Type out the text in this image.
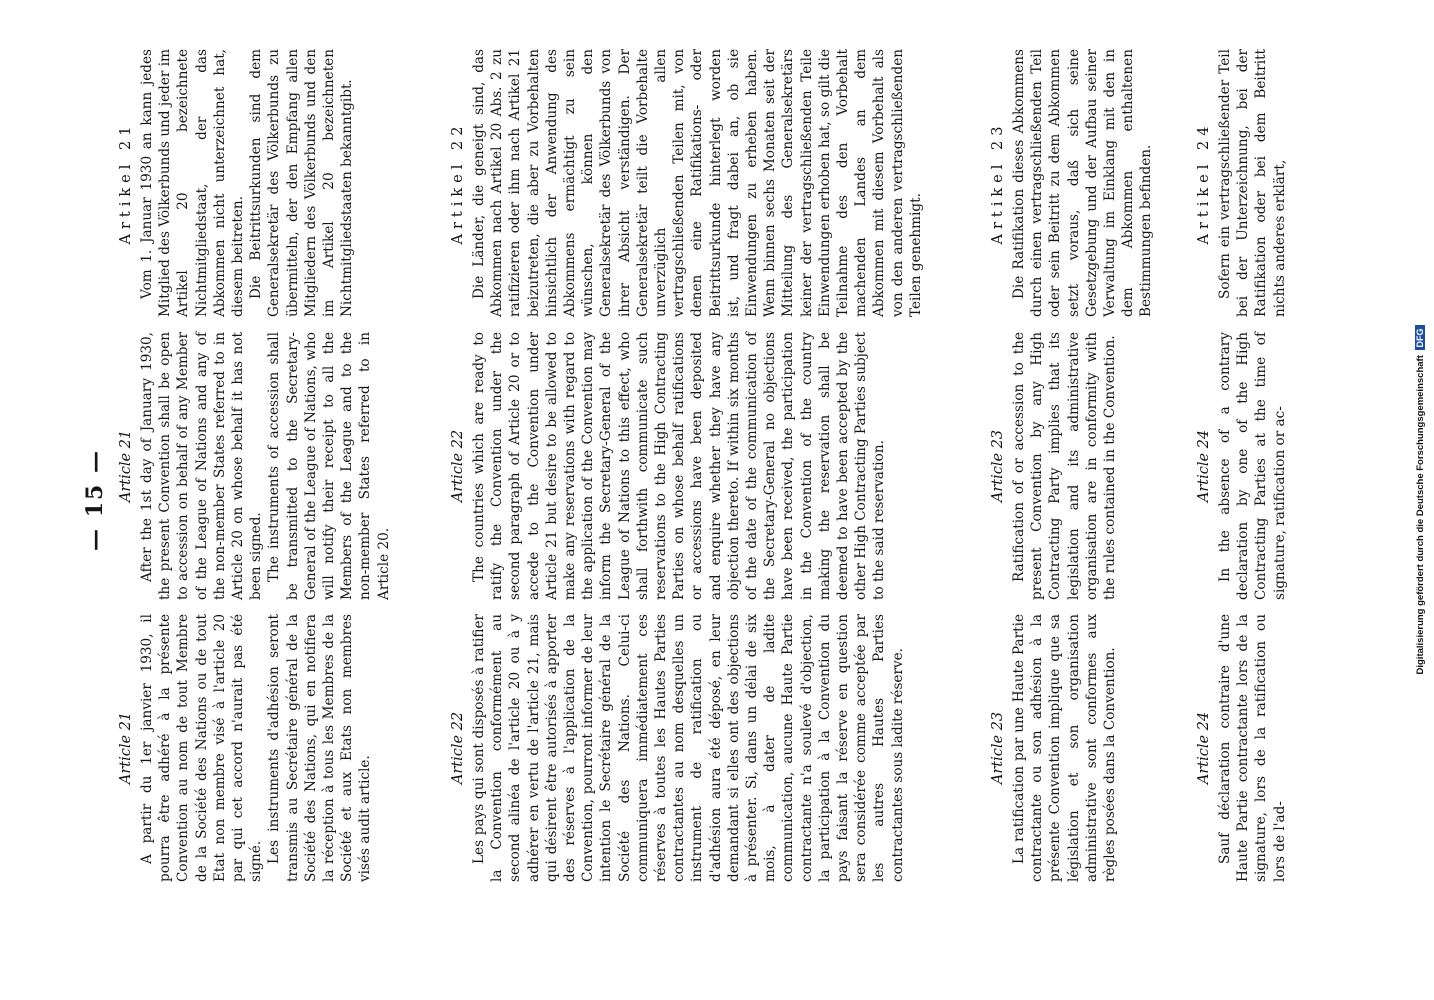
— 15 —
Article 21 A partir du 1er janvier 1930, il pourra être adhéré à la présente Convention au nom de tout Membre de la Société des Nations ou de tout Etat non membre visé à l'article 20 par qui cet accord n'aurait pas été signé. Les instruments d'adhésion seront transmis au Secrétaire général de la Société des Nations, qui en notifiera la réception à tous les Membres de la Société et aux Etats non membres visés audit article.

Article 22 Les pays qui sont disposés à ratifier la Convention conformément au second alinéa de l'article 20 ou à y adhérer en vertu de l'article 21, mais qui désirent être autorisés à apporter des réserves à l'application de la Convention, pourront informer de leur intention le Secrétaire général de la Société des Nations. Celui-ci communiquera immédiatement ces réserves à toutes les Hautes Parties contractantes au nom desquelles un instrument de ratification ou d'adhésion aura été déposé, en leur demandant si elles ont des objections à présenter. Si, dans un délai de six mois, à dater de ladite communication, aucune Haute Partie contractante n'a soulevé d'objection, la participation à la Convention du pays faisant la réserve en question sera considérée comme acceptée par les autres Hautes Parties contractantes sous ladite réserve.	Article 23 La ratification par une Haute Partie contractante ou son adhésion à la présente Convention implique que sa législation et son organisation administrative sont conformes aux règles posées dans la Convention.	Article 24 Sauf déclaration contraire d'une Haute Partie contractante lors de la signature, lors de la ratification ou lors de l'ad-

Article 21 After the 1st day of January 1930, the present Convention shall be open to accession on behalf of any Member of the League of Nations and any of the non-member States referred to in Article 20 on whose behalf it has not been signed. The instruments of accession shall be transmitted to the Secretary-General of the League of Nations, who will notify their receipt to all the Members of the League and to the non-member States referred to in Article 20.

Article 22 The countries which are ready to ratify the Convention under the second paragraph of Article 20 or to accede to the Convention under Article 21 but desire to be allowed to make any reservations with regard to the application of the Convention may inform the Secretary-General of the League of Nations to this effect, who shall forthwith communicate such reservations to the High Contracting Parties on whose behalf ratifications or accessions have been deposited and enquire whether they have any objection thereto. If within six months of the date of the communication of the Secretary-General no objections have been received, the participation in the Convention of the country making the reservation shall be deemed to have been accepted by the other High Contracting Parties subject to the said reservation.	Article 23 Ratification of or accession to the present Convention by any High Contracting Party implies that its legislation and its administrative organisation are in conformity with the rules contained in the Convention.	Article 24 In the absence of a contrary declaration by one of the High Contracting Parties at the time of signature, ratification or ac-

Artikel 21 Vom 1. Januar 1930 an kann jedes Mitglied des Völkerbunds und jeder im Artikel 20 bezeichnete Nichtmitgliedstaat, der das Abkommen nicht unterzeichnet hat, diesem beitreten. Die Beitrittsurkunden sind dem Generalsekretär des Völkerbunds zu übermitteln, der den Empfang allen Mitgliedern des Völkerbunds und den im Artikel 20 bezeichneten Nichtmitgliedstaaten bekanntgibt.	Artikel 22 Die Länder, die geneigt sind, das Abkommen nach Artikel 20 Abs. 2 zu ratifizieren oder ihm nach Artikel 21 beizutreten, die aber zu Vorbehalten hinsichtlich der Anwendung des Abkommens ermächtigt zu sein wünschen, können den Generalsekretär des Völkerbunds von ihrer Absicht verständigen. Der Generalsekretär teilt die Vorbehalte unverzüglich allen vertragschließenden Teilen mit, von denen eine Ratifikations- oder Beitrittsurkunde hinterlegt worden ist, und fragt dabei an, ob sie Einwendungen zu erheben haben. Wenn binnen sechs Monaten seit der Mitteilung des Generalsekretärs keiner der vertragschließenden Teile Einwendungen erhoben hat, so gilt die Teilnahme des den Vorbehalt machenden Landes an dem Abkommen mit diesem Vorbehalt als von den anderen vertragschließenden Teilen genehmigt.

Artikel 23 Die Ratifikation dieses Abkommens durch einen vertragschließenden Teil oder sein Beitritt zu dem Abkommen setzt voraus, daß sich seine Gesetzgebung und der Aufbau seiner Verwaltung im Einklang mit den in dem Abkommen enthaltenen Bestimmungen befinden.	Artikel 24 Sofern ein vertragschließender Teil bei der Unterzeichnung, bei der Ratifikation oder bei dem Beitritt nichts anderes erklärt,

Digitalisierung gefördert durch die Deutsche Forschungsgemeinschaft DFG
